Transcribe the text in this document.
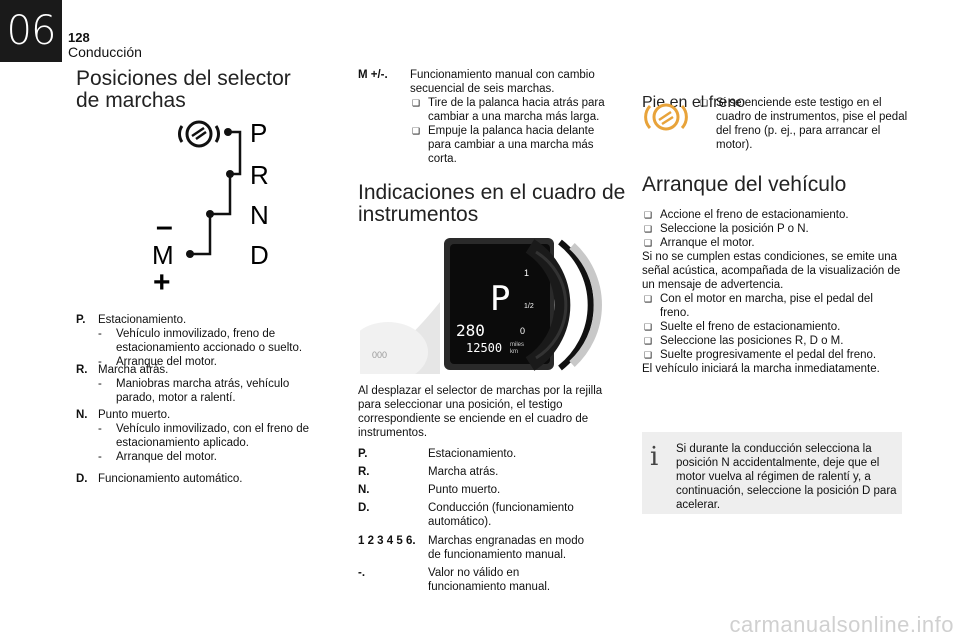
06 128
Conducción
Posiciones del selector de marchas
P
R
N
D
M
–
+
P. Estacionamiento.
- Vehículo inmovilizado, freno de estacionamiento accionado o suelto.
- Arranque del motor.
R. Marcha atrás.
- Maniobras marcha atrás, vehículo parado, motor a ralentí.
N. Punto muerto.
- Vehículo inmovilizado, con el freno de estacionamiento aplicado.
- Arranque del motor.
D. Funcionamiento automático.
M +/-. Funcionamiento manual con cambio secuencial de seis marchas.
❑ Tire de la palanca hacia atrás para cambiar a una marcha más larga.
❑ Empuje la palanca hacia delante para cambiar a una marcha más corta.
Indicaciones en el cuadro de instrumentos
000
P
280
12500 miles
km
1
1/2
0
Al desplazar el selector de marchas por la rejilla para seleccionar una posición, el testigo correspondiente se enciende en el cuadro de instrumentos.
P.	Estacionamiento.
R.	Marcha atrás.
N.	Punto muerto.
D.	Conducción (funcionamiento automático).
1 2 3 4 5 6. Marchas engranadas en modo de funcionamiento manual.
-.	Valor no válido en funcionamiento manual.
Pie en el freno
❑ Si se enciende este testigo en el cuadro de instrumentos, pise el pedal del freno (p. ej., para arrancar el motor).
Arranque del vehículo
❑ Accione el freno de estacionamiento.
❑ Seleccione la posición P o N.
❑ Arranque el motor.
Si no se cumplen estas condiciones, se emite una señal acústica, acompañada de la visualización de un mensaje de advertencia.
❑ Con el motor en marcha, pise el pedal del freno.
❑ Suelte el freno de estacionamiento.
❑ Seleccione las posiciones R, D o M.
❑ Suelte progresivamente el pedal del freno.
El vehículo iniciará la marcha inmediatamente.
i Si durante la conducción selecciona la posición N accidentalmente, deje que el motor vuelva al régimen de ralentí y, a continuación, seleccione la posición D para acelerar.
carmanualsonline.info
